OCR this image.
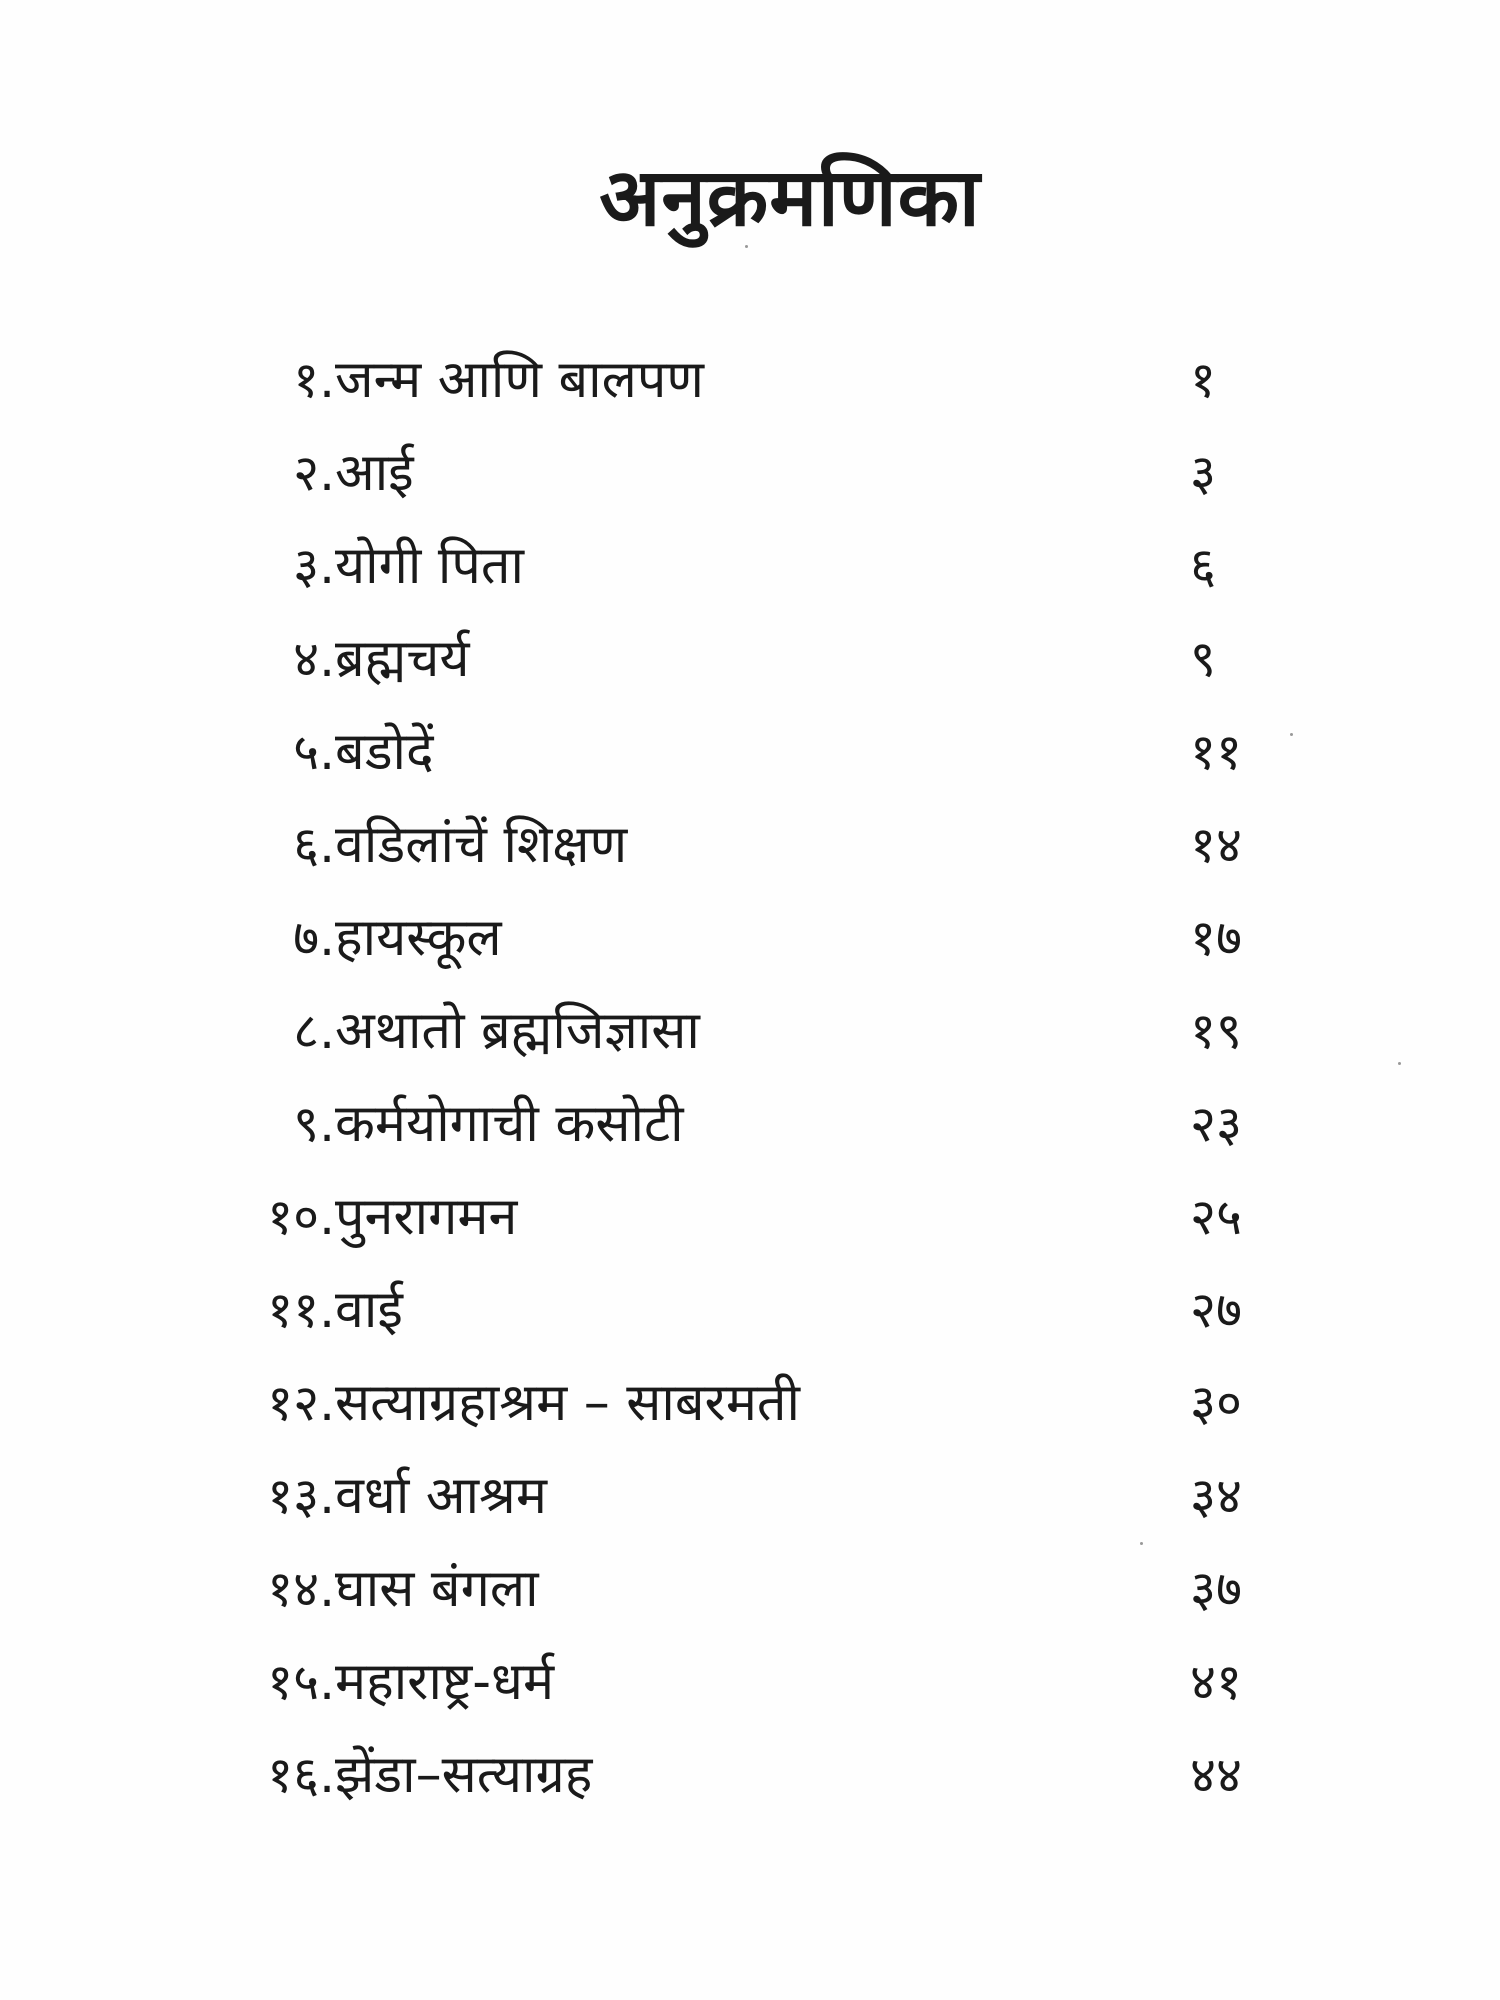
अनुक्रमणिका
१. जन्म आणि बालपण	१
२. आई	३
३. योगी पिता	६
४. ब्रह्मचर्य	९
५. बडोदें	११
६. वडिलांचें शिक्षण	१४
७. हायस्कूल	१७
८. अथातो ब्रह्मजिज्ञासा	१९
९. कर्मयोगाची कसोटी	२३
१०. पुनरागमन	२५
११. वाई	२७
१२. सत्याग्रहाश्रम – साबरमती	३०
१३. वर्धा आश्रम	३४
१४. घास बंगला	३७
१५. महाराष्ट्र-धर्म	४१
१६. झेंडा–सत्याग्रह	४४
